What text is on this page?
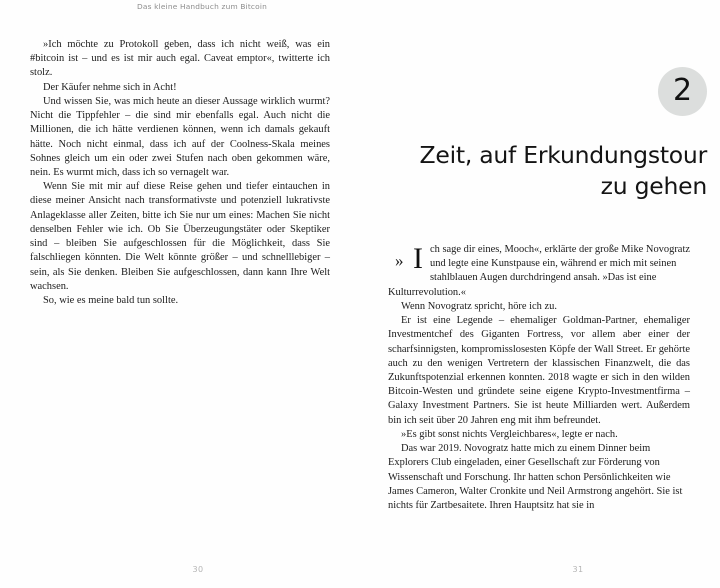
Das kleine Handbuch zum Bitcoin

»Ich möchte zu Protokoll geben, dass ich nicht weiß, was ein #bitcoin ist – und es ist mir auch egal. Caveat emptor«, twitterte ich stolz.

Der Käufer nehme sich in Acht!

Und wissen Sie, was mich heute an dieser Aussage wirklich wurmt? Nicht die Tippfehler – die sind mir ebenfalls egal. Auch nicht die Millionen, die ich hätte verdienen können, wenn ich damals gekauft hätte. Noch nicht einmal, dass ich auf der Coolness-Skala meines Sohnes gleich um ein oder zwei Stufen nach oben gekommen wäre, nein. Es wurmt mich, dass ich so vernagelt war.

Wenn Sie mit mir auf diese Reise gehen und tiefer eintauchen in diese meiner Ansicht nach transformativste und potenziell lukrativste Anlageklasse aller Zeiten, bitte ich Sie nur um eines: Machen Sie nicht denselben Fehler wie ich. Ob Sie Überzeugungstäter oder Skeptiker sind – bleiben Sie aufgeschlossen für die Möglichkeit, dass Sie falschliegen könnten. Die Welt könnte größer – und schnelllebiger – sein, als Sie denken. Bleiben Sie aufgeschlossen, dann kann Ihre Welt wachsen.

So, wie es meine bald tun sollte.

30
2
Zeit, auf Erkundungstour
zu gehen
» I ch sage dir eines, Mooch«, erklärte der große Mike Novogratz und legte eine Kunstpause ein, während er mich mit seinen stahlblauen Augen durchdringend ansah. »Das ist eine Kulturrevolution.«

Wenn Novogratz spricht, höre ich zu.

Er ist eine Legende – ehemaliger Goldman-Partner, ehemaliger Investmentchef des Giganten Fortress, vor allem aber einer der scharfsinnigsten, kompromisslosesten Köpfe der Wall Street. Er gehörte auch zu den wenigen Vertretern der klassischen Finanzwelt, die das Zukunftspotenzial erkennen konnten. 2018 wagte er sich in den wilden Bitcoin-Westen und gründete seine eigene Krypto-Investmentfirma – Galaxy Investment Partners. Sie ist heute Milliarden wert. Außerdem bin ich seit über 20 Jahren eng mit ihm befreundet.

»Es gibt sonst nichts Vergleichbares«, legte er nach.

Das war 2019. Novogratz hatte mich zu einem Dinner beim Explorers Club eingeladen, einer Gesellschaft zur Förderung von Wissenschaft und Forschung. Ihr hatten schon Persönlichkeiten wie James Cameron, Walter Cronkite und Neil Armstrong angehört. Sie ist nichts für Zartbesaitete. Ihren Hauptsitz hat sie in

31
